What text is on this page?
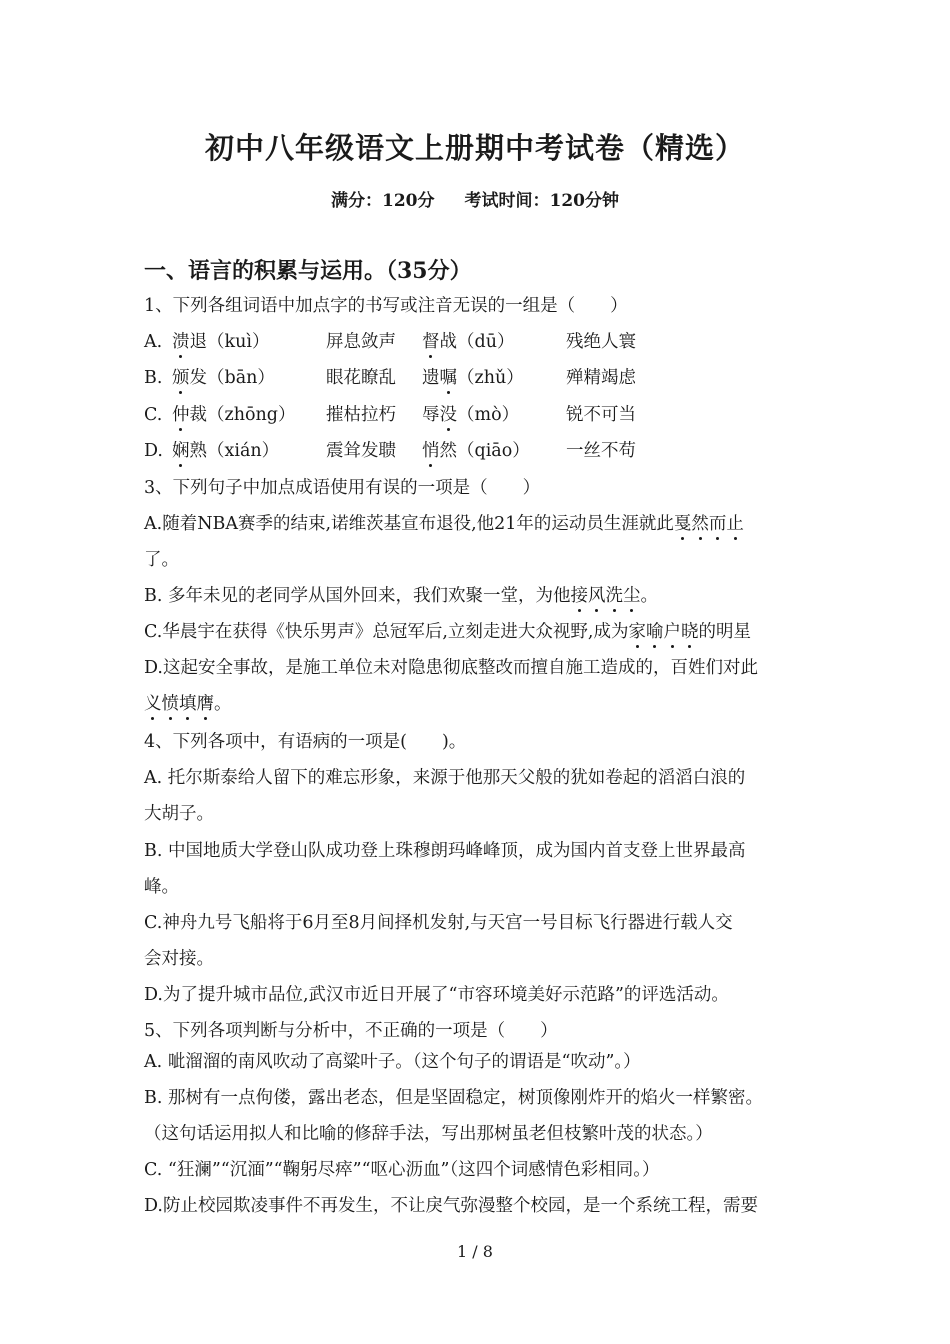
初中八年级语文上册期中考试卷（精选）
满分：120分 考试时间：120分钟
一、语言的积累与运用。（35分）
1、下列各组词语中加点字的书写或注音无误的一组是（　　）
A. 溃退（kuì）	屏息敛声 督战（dū）	残绝人寰
B. 颁发（bān）	眼花瞭乱 遗嘱（zhǔ） 殚精竭虑
C. 仲裁（zhōng） 摧枯拉朽 辱没（mò）	锐不可当
D. 娴熟（xián）	震耸发聩 悄然（qiāo） 一丝不苟
3、下列句子中加点成语使用有误的一项是（　　）
A.随着NBA赛季的结束,诺维茨基宣布退役,他21年的运动员生涯就此戛然而止
了。
B. 多年未见的老同学从国外回来，我们欢聚一堂，为他接风洗尘。
C.华晨宇在获得《快乐男声》总冠军后,立刻走进大众视野,成为家喻户晓的明星
D.这起安全事故，是施工单位未对隐患彻底整改而擅自施工造成的，百姓们对此
义愤填膺。
4、下列各项中，有语病的一项是(　　)。
A. 托尔斯泰给人留下的难忘形象，来源于他那天父般的犹如卷起的滔滔白浪的
大胡子。
B. 中国地质大学登山队成功登上珠穆朗玛峰峰顶，成为国内首支登上世界最高
峰。
C.神舟九号飞船将于6月至8月间择机发射,与天宫一号目标飞行器进行载人交
会对接。
D.为了提升城市品位,武汉市近日开展了“市容环境美好示范路”的评选活动。
5、下列各项判断与分析中，不正确的一项是（　　）
A. 呲溜溜的南风吹动了高粱叶子。（这个句子的谓语是“吹动”。）
B. 那树有一点佝偻，露出老态，但是坚固稳定，树顶像刚炸开的焰火一样繁密。
（这句话运用拟人和比喻的修辞手法，写出那树虽老但枝繁叶茂的状态。）
C. “狂澜”“沉湎”“鞠躬尽瘁”“呕心沥血”（这四个词感情色彩相同。）
D.防止校园欺凌事件不再发生，不让戾气弥漫整个校园，是一个系统工程，需要
1 / 8
